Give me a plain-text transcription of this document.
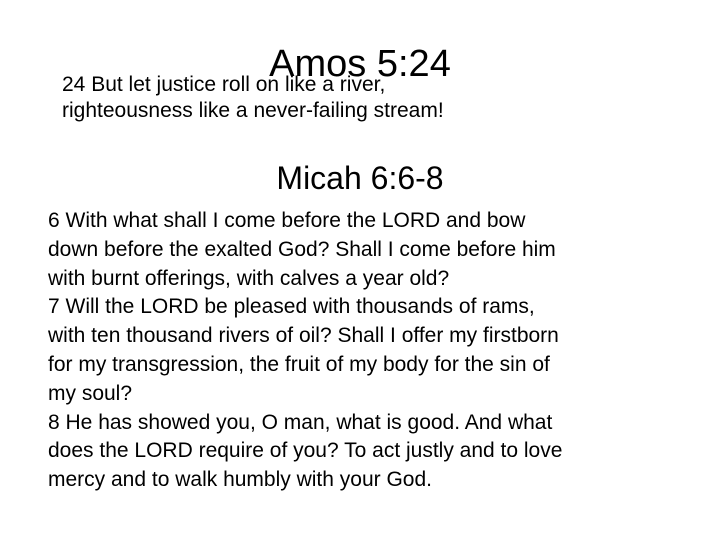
24 But let justice roll on like a river,
righteousness like a never-failing stream!
Amos 5:24
Micah 6:6-8
6 With what shall I come before the LORD and bow
down before the exalted God? Shall I come before him
with burnt offerings, with calves a year old?
7 Will the LORD be pleased with thousands of rams,
with ten thousand rivers of oil? Shall I offer my firstborn
for my transgression, the fruit of my body for the sin of
my soul?
8 He has showed you, O man, what is good. And what
does the LORD require of you? To act justly and to love
mercy and to walk humbly with your God.
